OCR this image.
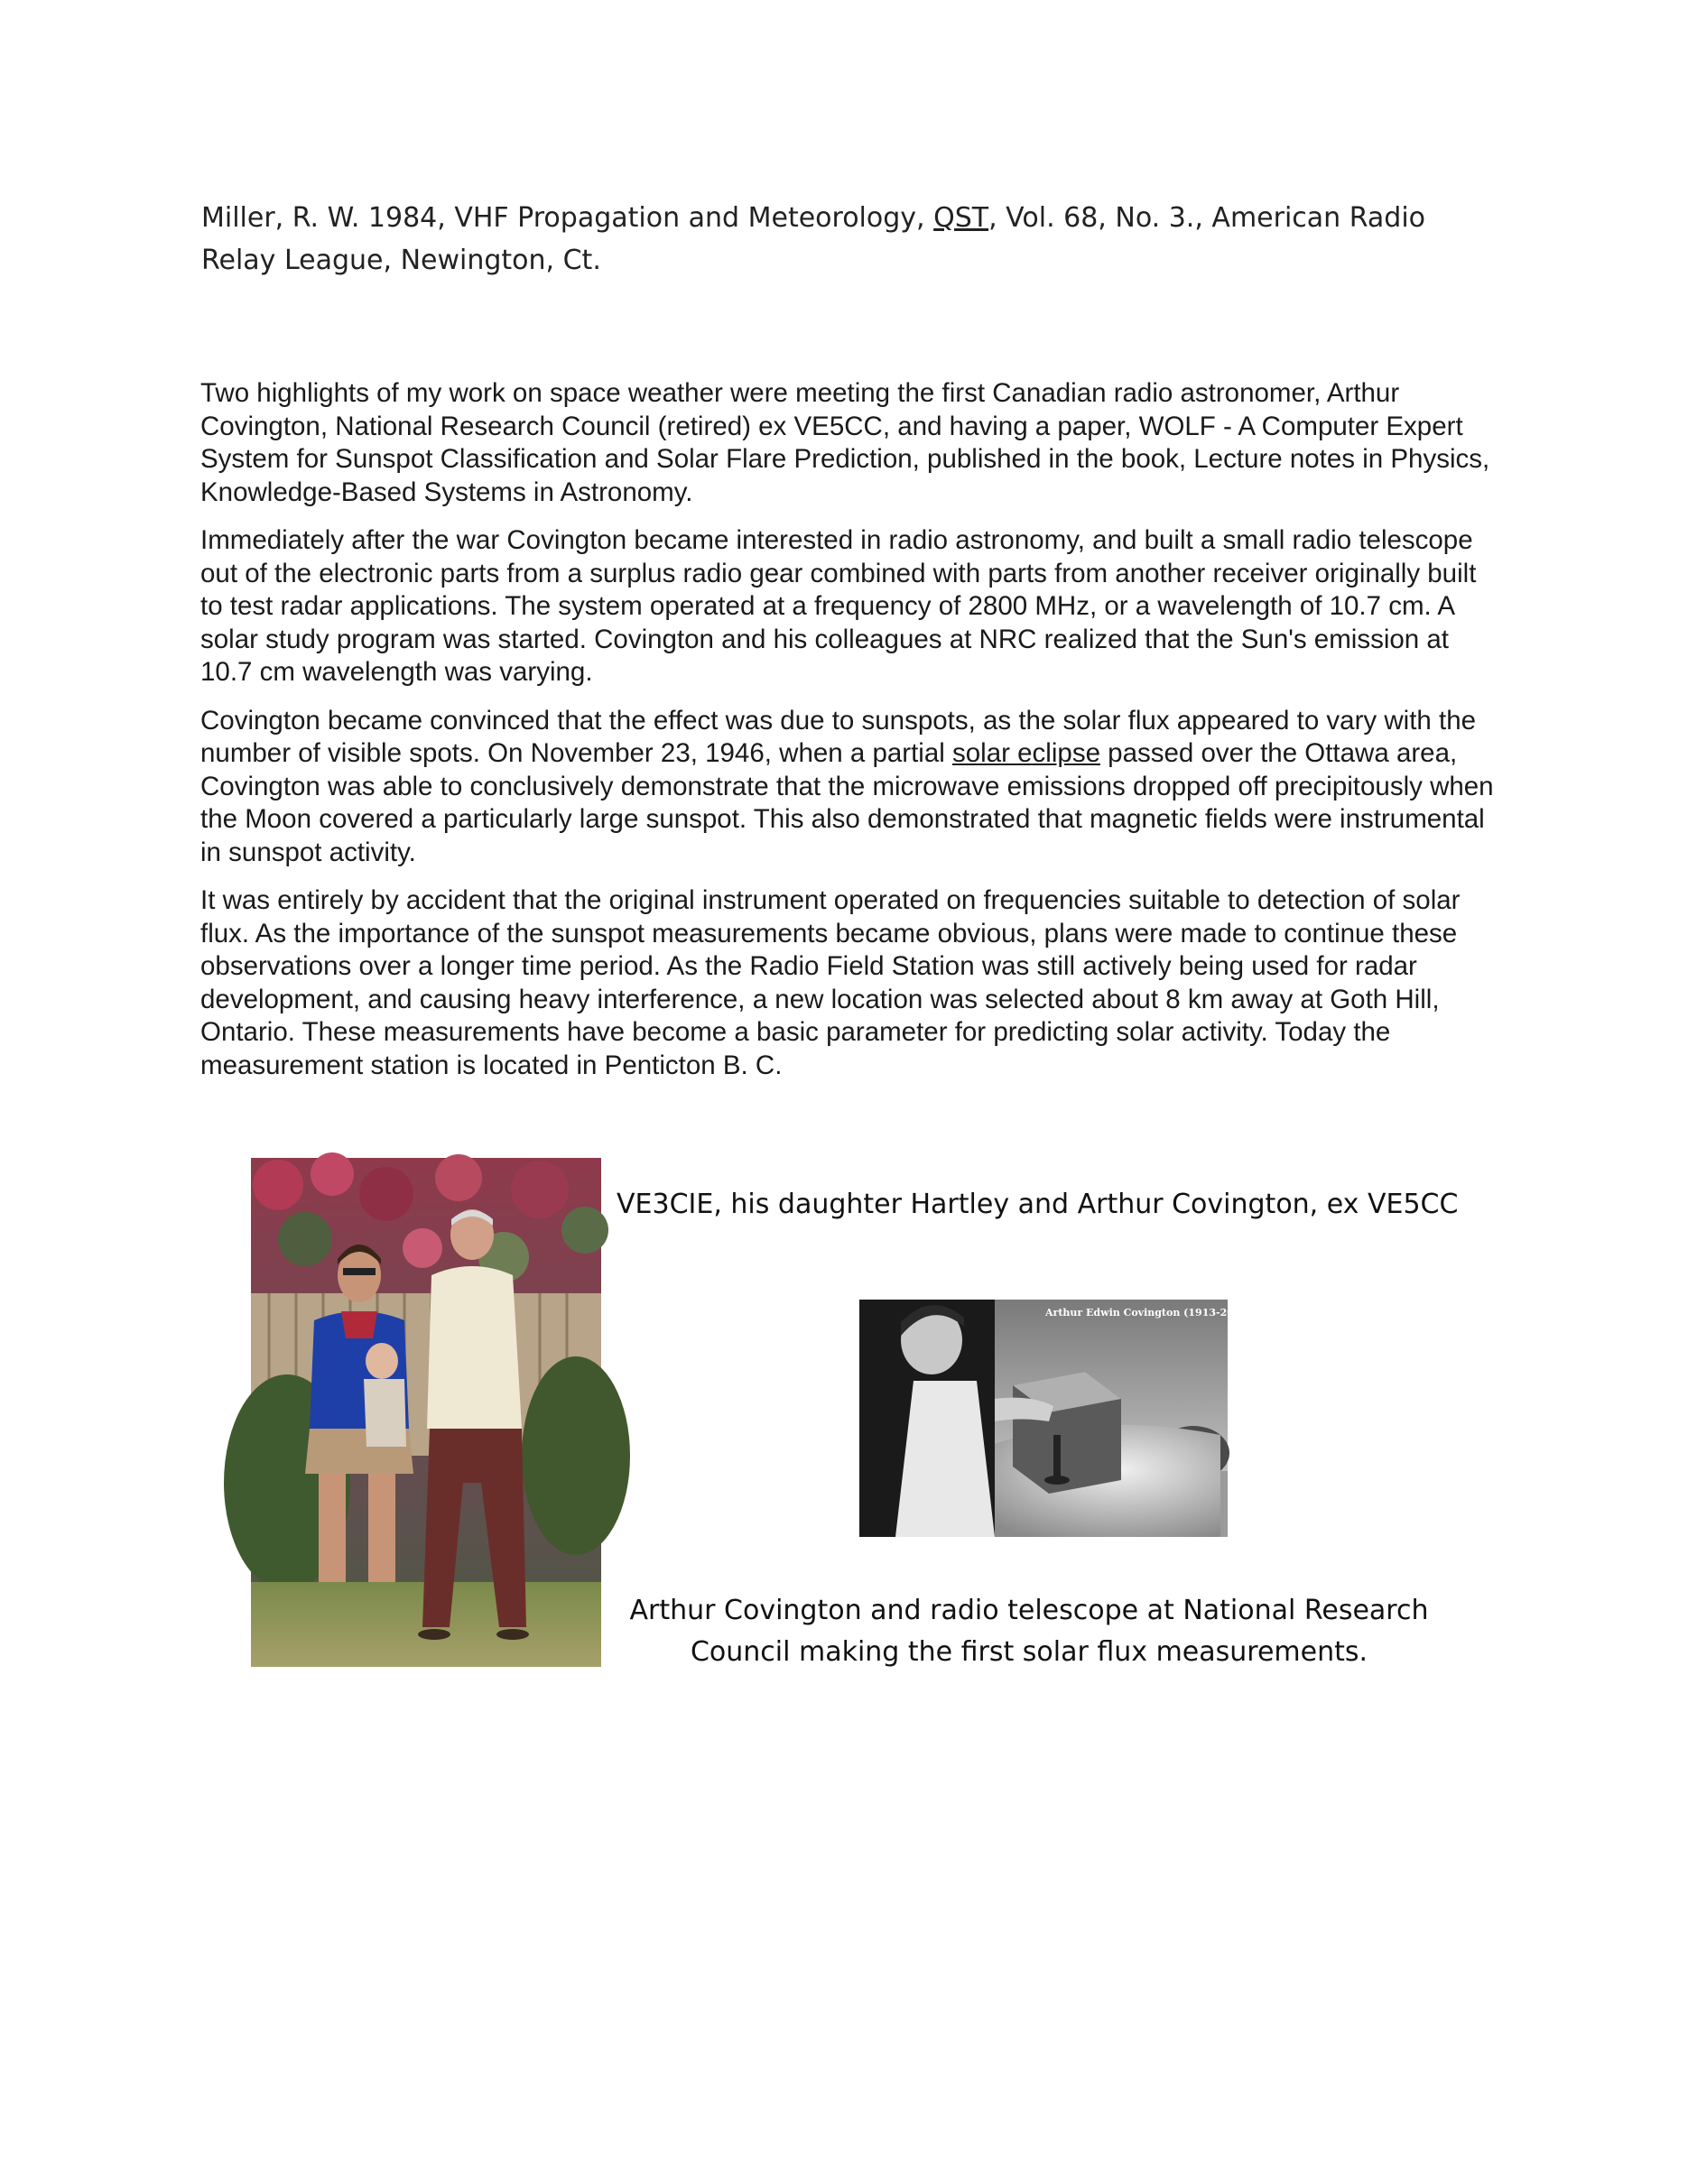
Miller, R. W. 1984, VHF Propagation and Meteorology, QST, Vol. 68, No. 3., American Radio Relay League, Newington, Ct.

Two highlights of my work on space weather were meeting the first Canadian radio astronomer, Arthur Covington, National Research Council (retired) ex VE5CC, and having a paper, WOLF - A Computer Expert System for Sunspot Classification and Solar Flare Prediction, published in the book, Lecture notes in Physics, Knowledge-Based Systems in Astronomy.

Immediately after the war Covington became interested in radio astronomy, and built a small radio telescope out of the electronic parts from a surplus radio gear combined with parts from another receiver originally built to test radar applications. The system operated at a frequency of 2800 MHz, or a wavelength of 10.7 cm. A solar study program was started. Covington and his colleagues at NRC realized that the Sun's emission at 10.7 cm wavelength was varying.

Covington became convinced that the effect was due to sunspots, as the solar flux appeared to vary with the number of visible spots. On November 23, 1946, when a partial solar eclipse passed over the Ottawa area, Covington was able to conclusively demonstrate that the microwave emissions dropped off precipitously when the Moon covered a particularly large sunspot. This also demonstrated that magnetic fields were instrumental in sunspot activity.

It was entirely by accident that the original instrument operated on frequencies suitable to detection of solar flux. As the importance of the sunspot measurements became obvious, plans were made to continue these observations over a longer time period. As the Radio Field Station was still actively being used for radar development, and causing heavy interference, a new location was selected about 8 km away at Goth Hill, Ontario. These measurements have become a basic parameter for predicting solar activity. Today the measurement station is located in Penticton B. C.

VE3CIE, his daughter Hartley and Arthur Covington, ex VE5CC
Arthur Edwin Covington (1913-2001)
Arthur Covington and radio telescope at National Research
Council making the first solar flux measurements.
